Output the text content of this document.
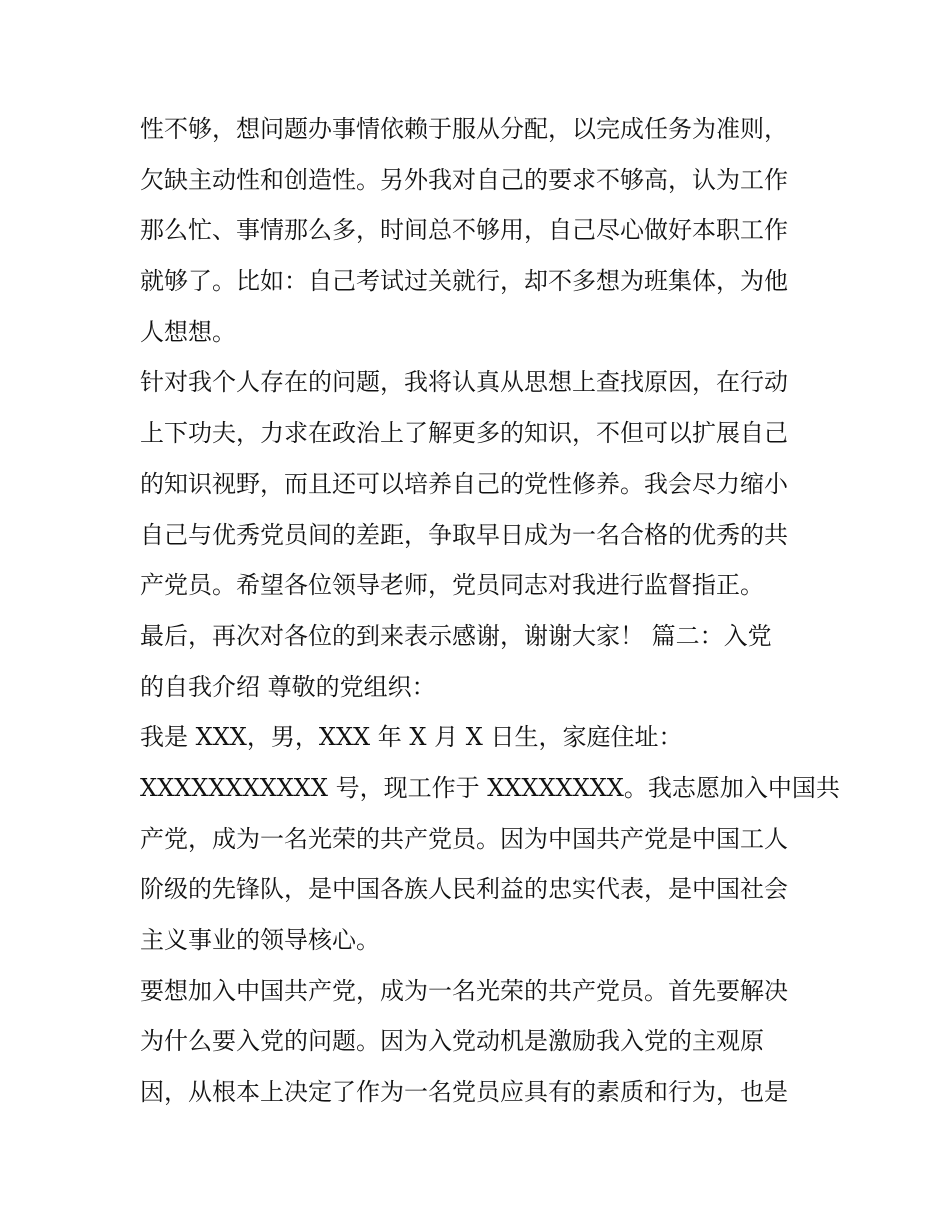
性不够，想问题办事情依赖于服从分配，以完成任务为准则，
欠缺主动性和创造性。另外我对自己的要求不够高，认为工作
那么忙、事情那么多，时间总不够用，自己尽心做好本职工作
就够了。比如：自己考试过关就行，却不多想为班集体，为他
人想想。
针对我个人存在的问题，我将认真从思想上查找原因，在行动
上下功夫，力求在政治上了解更多的知识，不但可以扩展自己
的知识视野，而且还可以培养自己的党性修养。我会尽力缩小
自己与优秀党员间的差距，争取早日成为一名合格的优秀的共
产党员。希望各位领导老师，党员同志对我进行监督指正。
最后，再次对各位的到来表示感谢，谢谢大家！ 篇二：入党
的自我介绍 尊敬的党组织：
我是 XXX，男，XXX 年 X 月 X 日生，家庭住址：
XXXXXXXXXXX 号，现工作于 XXXXXXXX。我志愿加入中国共
产党，成为一名光荣的共产党员。因为中国共产党是中国工人
阶级的先锋队，是中国各族人民利益的忠实代表，是中国社会
主义事业的领导核心。
要想加入中国共产党，成为一名光荣的共产党员。首先要解决
为什么要入党的问题。因为入党动机是激励我入党的主观原
因，从根本上决定了作为一名党员应具有的素质和行为，也是
